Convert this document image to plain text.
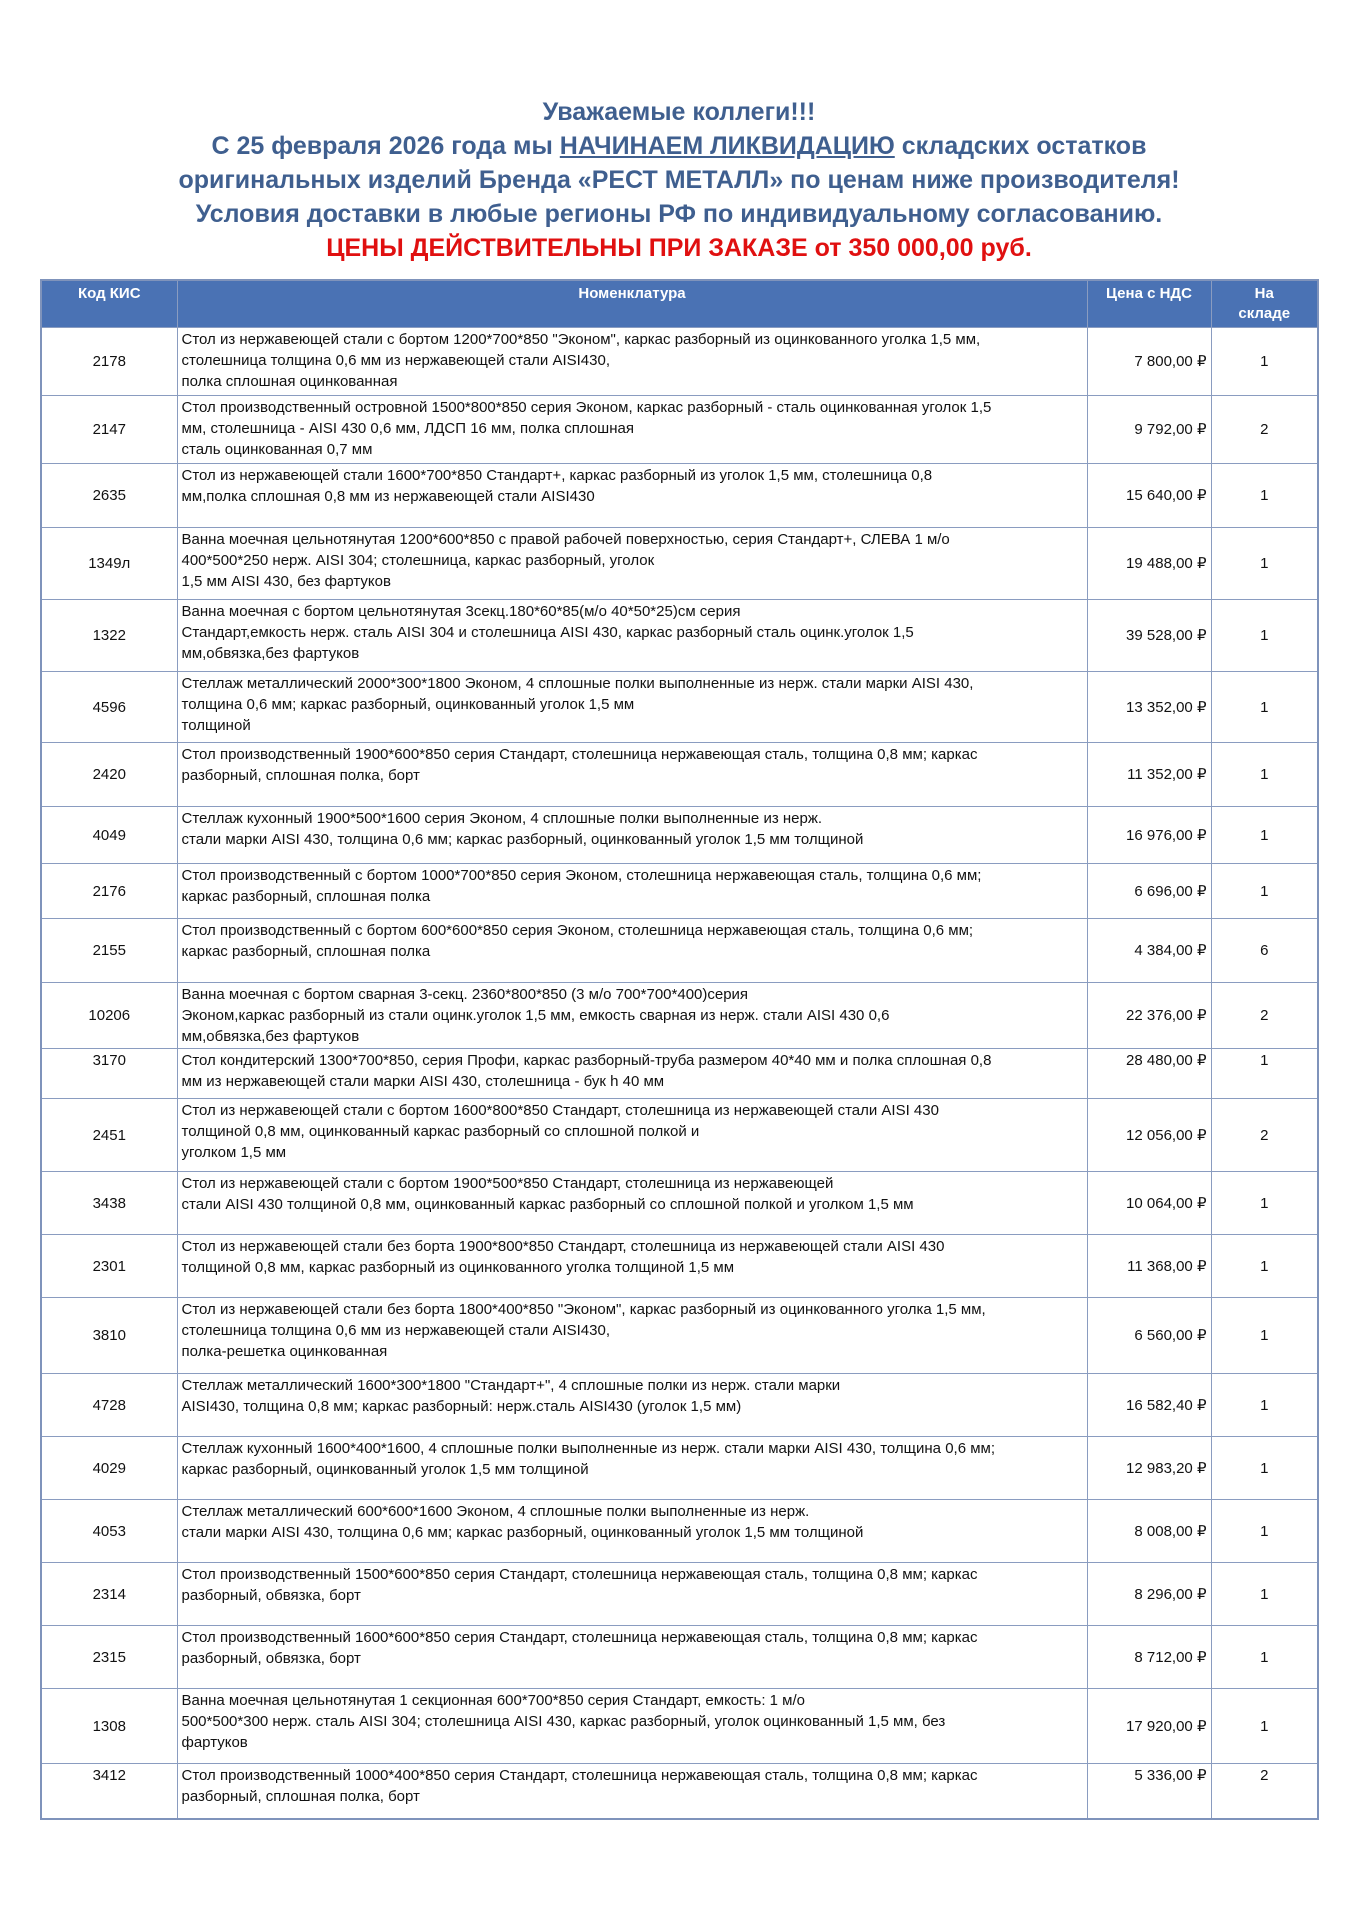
Уважаемые коллеги!!!
С 25 февраля 2026 года мы НАЧИНАЕМ ЛИКВИДАЦИЮ складских остатков
оригинальных изделий Бренда «РЕСТ МЕТАЛЛ» по ценам ниже производителя!
Условия доставки в любые регионы РФ по индивидуальному согласованию.
ЦЕНЫ ДЕЙСТВИТЕЛЬНЫ ПРИ ЗАКАЗЕ от 350 000,00 руб.
Код КИС	Номенклатура	Цена с НДС	На
складе
2178	Стол из нержавеющей стали с бортом 1200*700*850 "Эконом", каркас разборный из оцинкованного уголка 1,5 мм,
столешница толщина 0,6 мм из нержавеющей стали AISI430,
полка сплошная оцинкованная	7 800,00 ₽	1
2147	Стол производственный островной 1500*800*850 серия Эконом, каркас разборный - сталь оцинкованная уголок 1,5
мм, столешница - AISI 430 0,6 мм, ЛДСП 16 мм, полка сплошная
сталь оцинкованная 0,7 мм	9 792,00 ₽	2
2635	Стол из нержавеющей стали 1600*700*850 Стандарт+, каркас разборный из уголок 1,5 мм, столешница 0,8
мм,полка сплошная 0,8 мм из нержавеющей стали AISI430	15 640,00 ₽	1
1349л	Ванна моечная цельнотянутая 1200*600*850 с правой рабочей поверхностью, серия Стандарт+, СЛЕВА 1 м/о
400*500*250 нерж. AISI 304; столешница, каркас разборный, уголок
1,5 мм AISI 430, без фартуков	19 488,00 ₽	1
1322	Ванна моечная с бортом цельнотянутая 3секц.180*60*85(м/о 40*50*25)см серия
Стандарт,емкость нерж. сталь AISI 304 и столешница AISI 430, каркас разборный сталь оцинк.уголок 1,5
мм,обвязка,без фартуков	39 528,00 ₽	1
4596	Стеллаж металлический 2000*300*1800 Эконом, 4 сплошные полки выполненные из нерж. стали марки AISI 430,
толщина 0,6 мм; каркас разборный, оцинкованный уголок 1,5 мм
толщиной	13 352,00 ₽	1
2420	Стол производственный 1900*600*850 серия Стандарт, столешница нержавеющая сталь, толщина 0,8 мм; каркас
разборный, сплошная полка, борт	11 352,00 ₽	1
4049	Стеллаж кухонный 1900*500*1600 серия Эконом, 4 сплошные полки выполненные из нерж.
стали марки AISI 430, толщина 0,6 мм; каркас разборный, оцинкованный уголок 1,5 мм толщиной	16 976,00 ₽	1
2176	Стол производственный с бортом 1000*700*850 серия Эконом, столешница нержавеющая сталь, толщина 0,6 мм;
каркас разборный, сплошная полка	6 696,00 ₽	1
2155	Стол производственный с бортом 600*600*850 серия Эконом, столешница нержавеющая сталь, толщина 0,6 мм;
каркас разборный, сплошная полка	4 384,00 ₽	6
10206	Ванна моечная с бортом сварная 3-секц. 2360*800*850 (3 м/о 700*700*400)серия
Эконом,каркас разборный из стали оцинк.уголок 1,5 мм, емкость сварная из нерж. стали AISI 430 0,6
мм,обвязка,без фартуков	22 376,00 ₽	2
3170	Стол кондитерский 1300*700*850, серия Профи, каркас разборный-труба размером 40*40 мм и полка сплошная 0,8
мм из нержавеющей стали марки AISI 430, столешница - бук h 40 мм	28 480,00 ₽	1
2451	Стол из нержавеющей стали с бортом 1600*800*850 Стандарт, столешница из нержавеющей стали AISI 430
толщиной 0,8 мм, оцинкованный каркас разборный со сплошной полкой и
уголком 1,5 мм	12 056,00 ₽	2
3438	Стол из нержавеющей стали с бортом 1900*500*850 Стандарт, столешница из нержавеющей
стали AISI 430 толщиной 0,8 мм, оцинкованный каркас разборный со сплошной полкой и уголком 1,5 мм	10 064,00 ₽	1
2301	Стол из нержавеющей стали без борта 1900*800*850 Стандарт, столешница из нержавеющей стали AISI 430
толщиной 0,8 мм, каркас разборный из оцинкованного уголка толщиной 1,5 мм	11 368,00 ₽	1
3810	Стол из нержавеющей стали без борта 1800*400*850 "Эконом", каркас разборный из оцинкованного уголка 1,5 мм,
столешница толщина 0,6 мм из нержавеющей стали AISI430,
полка-решетка оцинкованная	6 560,00 ₽	1
4728	Стеллаж металлический 1600*300*1800 "Стандарт+", 4 сплошные полки из нерж. стали марки
AISI430, толщина 0,8 мм; каркас разборный: нерж.сталь AISI430 (уголок 1,5 мм)	16 582,40 ₽	1
4029	Стеллаж кухонный 1600*400*1600, 4 сплошные полки выполненные из нерж. стали марки AISI 430, толщина 0,6 мм;
каркас разборный, оцинкованный уголок 1,5 мм толщиной	12 983,20 ₽	1
4053	Стеллаж металлический 600*600*1600 Эконом, 4 сплошные полки выполненные из нерж.
стали марки AISI 430, толщина 0,6 мм; каркас разборный, оцинкованный уголок 1,5 мм толщиной	8 008,00 ₽	1
2314	Стол производственный 1500*600*850 серия Стандарт, столешница нержавеющая сталь, толщина 0,8 мм; каркас
разборный, обвязка, борт	8 296,00 ₽	1
2315	Стол производственный 1600*600*850 серия Стандарт, столешница нержавеющая сталь, толщина 0,8 мм; каркас
разборный, обвязка, борт	8 712,00 ₽	1
1308	Ванна моечная цельнотянутая 1 секционная 600*700*850 серия Стандарт, емкость: 1 м/о
500*500*300 нерж. сталь AISI 304; столешница AISI 430, каркас разборный, уголок оцинкованный 1,5 мм, без
фартуков	17 920,00 ₽	1
3412	Стол производственный 1000*400*850 серия Стандарт, столешница нержавеющая сталь, толщина 0,8 мм; каркас
разборный, сплошная полка, борт	5 336,00 ₽	2
